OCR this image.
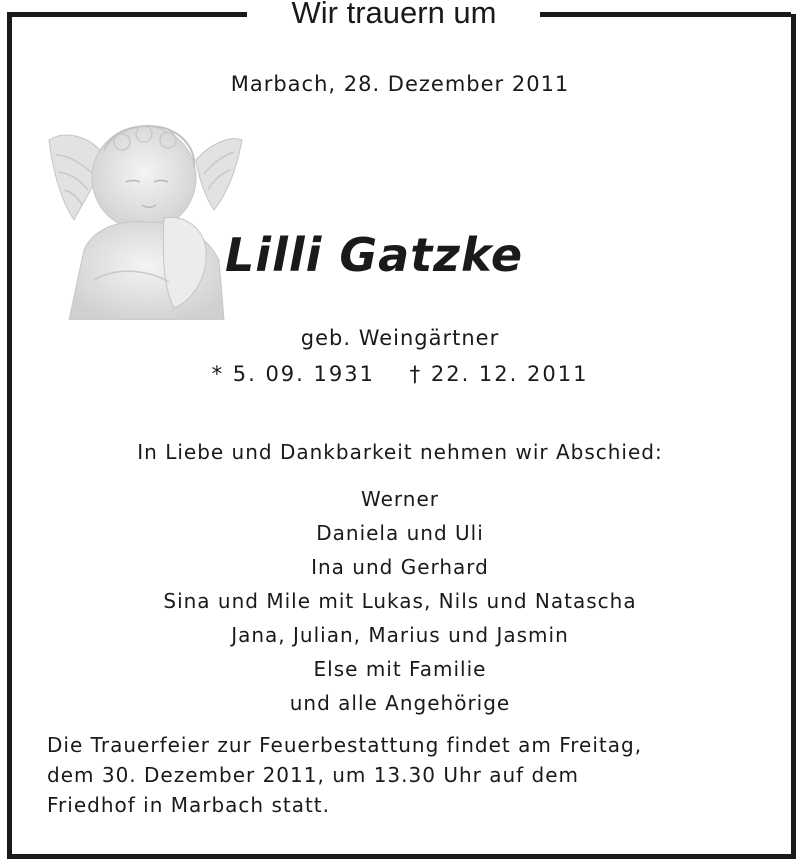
Wir trauern um
Marbach, 28. Dezember 2011
Lilli Gatzke
geb. Weingärtner
* 5. 09. 1931    † 22. 12. 2011
In Liebe und Dankbarkeit nehmen wir Abschied:
Werner
Daniela und Uli
Ina und Gerhard
Sina und Mile mit Lukas, Nils und Natascha
Jana, Julian, Marius und Jasmin
Else mit Familie
und alle Angehörige
Die Trauerfeier zur Feuerbestattung findet am Freitag,
dem 30. Dezember 2011, um 13.30 Uhr auf dem
Friedhof in Marbach statt.
